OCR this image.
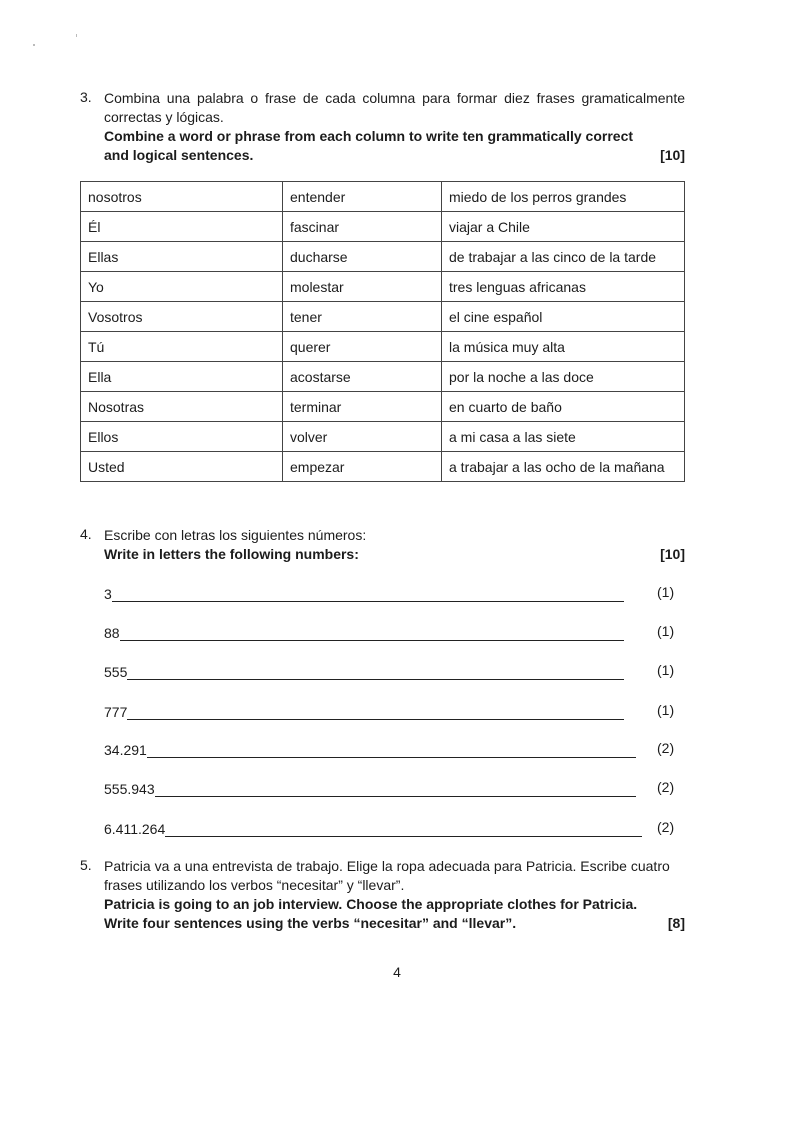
3. Combina una palabra o frase de cada columna para formar diez frases gramaticalmente correctas y lógicas.
Combine a word or phrase from each column to write ten grammatically correct and logical sentences.	[10]
nosotros	entender	miedo de los perros grandes
Él	fascinar	viajar a Chile
Ellas	ducharse	de trabajar a las cinco de la tarde
Yo	molestar	tres lenguas africanas
Vosotros	tener	el cine español
Tú	querer	la música muy alta
Ella	acostarse	por la noche a las doce
Nosotras	terminar	en cuarto de baño
Ellos	volver	a mi casa a las siete
Usted	empezar	a trabajar a las ocho de la mañana
4. Escribe con letras los siguientes números:
Write in letters the following numbers:	[10]
3	(1)
88	(1)
555	(1)
777	(1)
34.291	(2)
555.943	(2)
6.411.264	(2)
5. Patricia va a una entrevista de trabajo. Elige la ropa adecuada para Patricia. Escribe cuatro frases utilizando los verbos “necesitar” y “llevar”.
Patricia is going to an job interview. Choose the appropriate clothes for Patricia. Write four sentences using the verbs “necesitar” and “llevar”.	[8]
4
